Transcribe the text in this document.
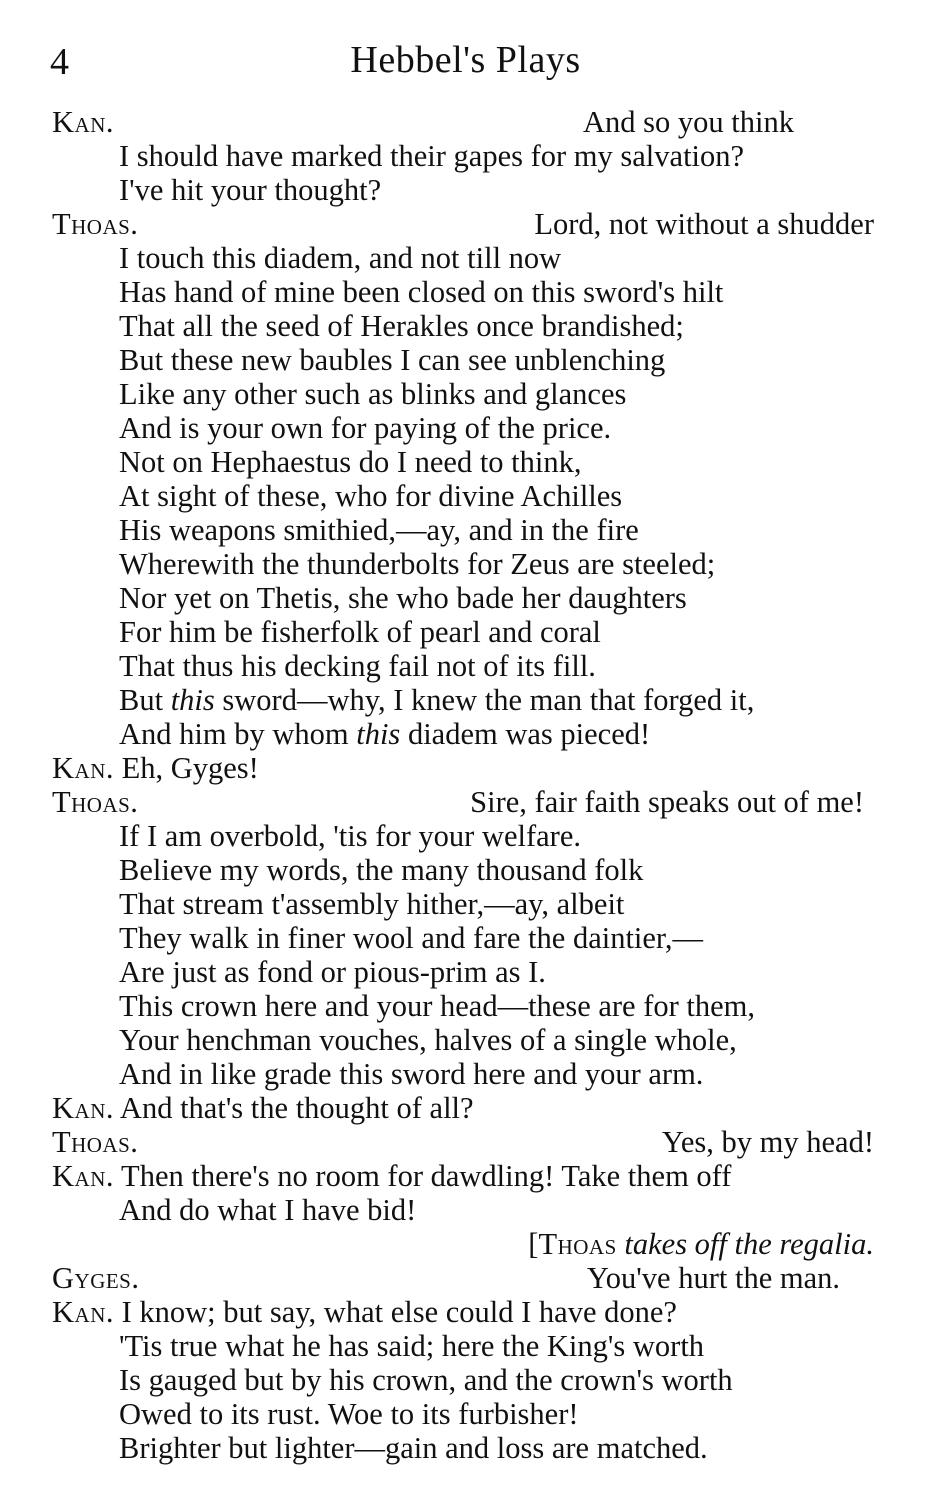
4	Hebbel's Plays
Kan.	And so you think
I should have marked their gapes for my salvation?
I've hit your thought?
Thoas.	Lord, not without a shudder
I touch this diadem, and not till now
Has hand of mine been closed on this sword's hilt
That all the seed of Herakles once brandished;
But these new baubles I can see unblenching
Like any other such as blinks and glances
And is your own for paying of the price.
Not on Hephaestus do I need to think,
At sight of these, who for divine Achilles
His weapons smithied,—ay, and in the fire
Wherewith the thunderbolts for Zeus are steeled;
Nor yet on Thetis, she who bade her daughters
For him be fisherfolk of pearl and coral
That thus his decking fail not of its fill.
But this sword—why, I knew the man that forged it,
And him by whom this diadem was pieced!
Kan. Eh, Gyges!
Thoas.	Sire, fair faith speaks out of me!
If I am overbold, 'tis for your welfare.
Believe my words, the many thousand folk
That stream t'assembly hither,—ay, albeit
They walk in finer wool and fare the daintier,—
Are just as fond or pious-prim as I.
This crown here and your head—these are for them,
Your henchman vouches, halves of a single whole,
And in like grade this sword here and your arm.
Kan. And that's the thought of all?
Thoas.	Yes, by my head!
Kan. Then there's no room for dawdling! Take them off
And do what I have bid!
[Thoas takes off the regalia.
Gyges.	You've hurt the man.
Kan. I know; but say, what else could I have done?
'Tis true what he has said; here the King's worth
Is gauged but by his crown, and the crown's worth
Owed to its rust. Woe to its furbisher!
Brighter but lighter—gain and loss are matched.
